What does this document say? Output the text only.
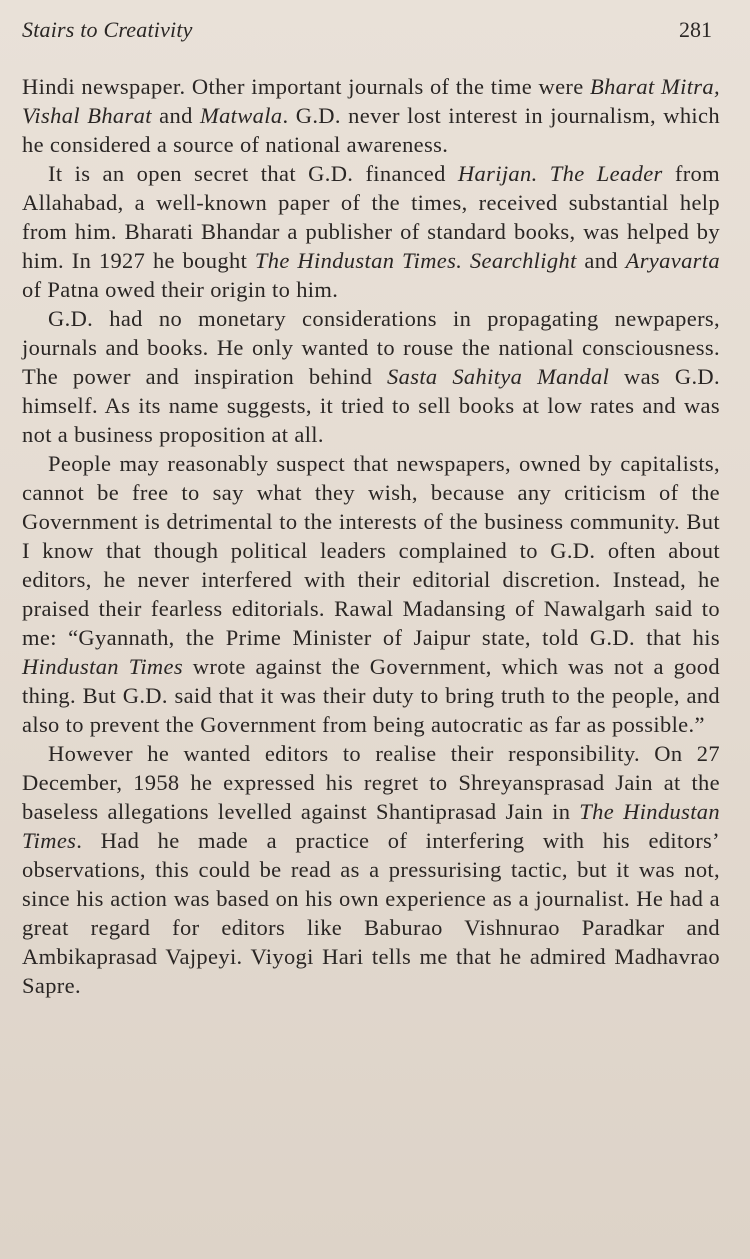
Stairs to Creativity	281

Hindi newspaper. Other important journals of the time were Bharat Mitra, Vishal Bharat and Matwala. G.D. never lost interest in journalism, which he considered a source of national awareness.

It is an open secret that G.D. financed Harijan. The Leader from Allahabad, a well-known paper of the times, received substantial help from him. Bharati Bhandar a publisher of standard books, was helped by him. In 1927 he bought The Hindustan Times. Searchlight and Aryavarta of Patna owed their origin to him.

G.D. had no monetary considerations in propagating newpapers, journals and books. He only wanted to rouse the national consciousness. The power and inspiration behind Sasta Sahitya Mandal was G.D. himself. As its name suggests, it tried to sell books at low rates and was not a business proposition at all.

People may reasonably suspect that newspapers, owned by capitalists, cannot be free to say what they wish, because any criticism of the Government is detrimental to the interests of the business community. But I know that though political leaders complained to G.D. often about editors, he never interfered with their editorial discretion. Instead, he praised their fearless editorials. Rawal Madansing of Nawalgarh said to me: “Gyannath, the Prime Minister of Jaipur state, told G.D. that his Hindustan Times wrote against the Government, which was not a good thing. But G.D. said that it was their duty to bring truth to the people, and also to prevent the Government from being autocratic as far as possible.”

However he wanted editors to realise their responsibility. On 27 December, 1958 he expressed his regret to Shreyansprasad Jain at the baseless allegations levelled against Shantiprasad Jain in The Hindustan Times. Had he made a practice of interfering with his editors’ observations, this could be read as a pressurising tactic, but it was not, since his action was based on his own experience as a journalist. He had a great regard for editors like Baburao Vishnurao Paradkar and Ambikaprasad Vajpeyi. Viyogi Hari tells me that he admired Madhavrao Sapre.
